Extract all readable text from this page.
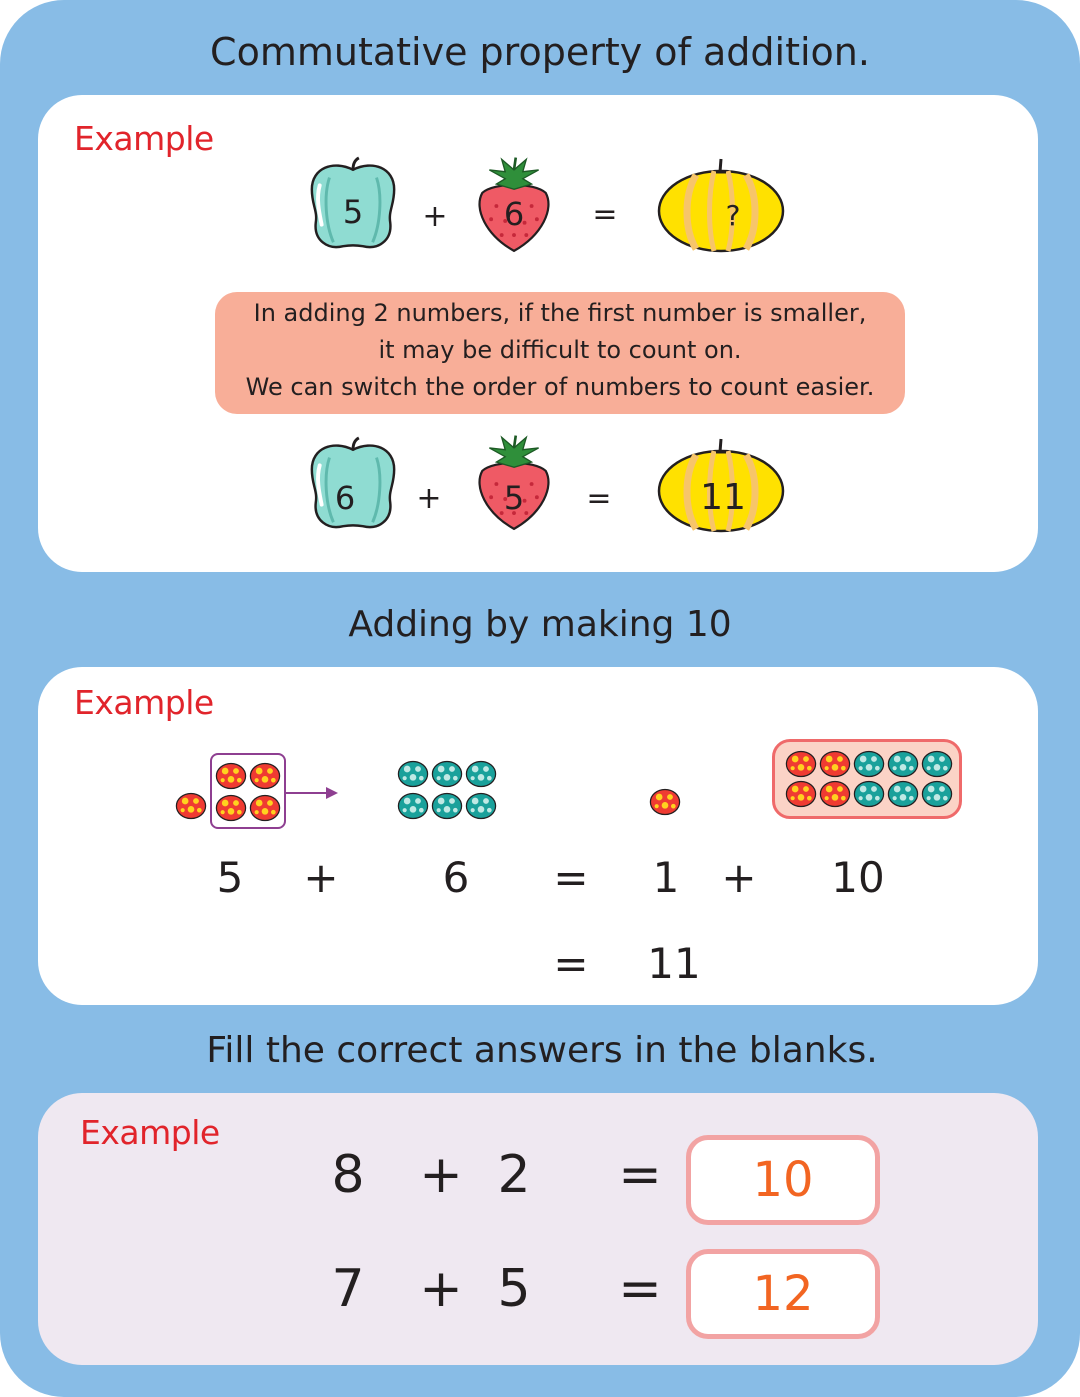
Commutative property of addition.
Example
5	+	6	=	?
In adding 2 numbers, if the first number is smaller,
it may be difficult to count on.
We can switch the order of numbers to count easier.
6	+	5	=	11
Adding by making 10
Example
5	+	6	=	1	+	10
=	11
Fill the correct answers in the blanks.
Example
8 + 2 =	10
7 + 5 =	12
